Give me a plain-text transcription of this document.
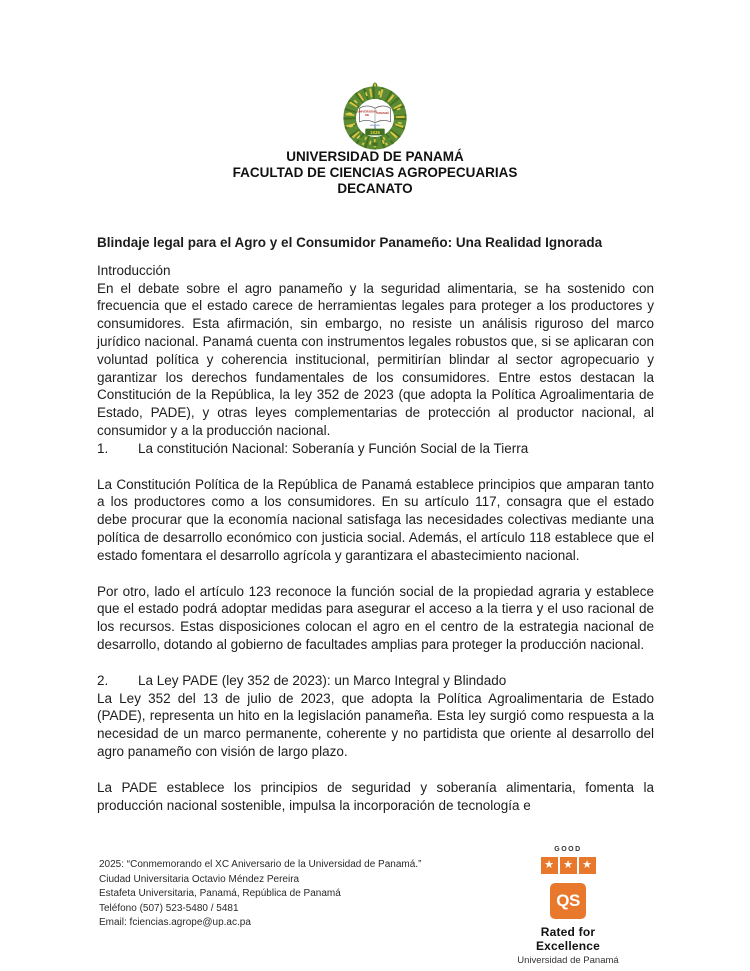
UNIVERSIDAD
DE PANAMÁ
1935
UNIVERSIDAD DE PANAMÁ
FACULTAD DE CIENCIAS AGROPECUARIAS
DECANATO

Blindaje legal para el Agro y el Consumidor Panameño: Una Realidad Ignorada

Introducción

En el debate sobre el agro panameño y la seguridad alimentaria, se ha sostenido con frecuencia que el estado carece de herramientas legales para proteger a los productores y consumidores. Esta afirmación, sin embargo, no resiste un análisis riguroso del marco jurídico nacional. Panamá cuenta con instrumentos legales robustos que, si se aplicaran con voluntad política y coherencia institucional, permitirían blindar al sector agropecuario y garantizar los derechos fundamentales de los consumidores. Entre estos destacan la Constitución de la República, la ley 352 de 2023 (que adopta la Política Agroalimentaria de Estado, PADE), y otras leyes complementarias de protección al productor nacional, al consumidor y a la producción nacional.

1.	La constitución Nacional: Soberanía y Función Social de la Tierra

La Constitución Política de la República de Panamá establece principios que amparan tanto a los productores como a los consumidores. En su artículo 117, consagra que el estado debe procurar que la economía nacional satisfaga las necesidades colectivas mediante una política de desarrollo económico con justicia social. Además, el artículo 118 establece que el estado fomentara el desarrollo agrícola y garantizara el abastecimiento nacional.

Por otro, lado el artículo 123 reconoce la función social de la propiedad agraria y establece que el estado podrá adoptar medidas para asegurar el acceso a la tierra y el uso racional de los recursos. Estas disposiciones colocan el agro en el centro de la estrategia nacional de desarrollo, dotando al gobierno de facultades amplias para proteger la producción nacional.

2.	La Ley PADE (ley 352 de 2023): un Marco Integral y Blindado

La Ley 352 del 13 de julio de 2023, que adopta la Política Agroalimentaria de Estado (PADE), representa un hito en la legislación panameña. Esta ley surgió como respuesta a la necesidad de un marco permanente, coherente y no partidista que oriente al desarrollo del agro panameño con visión de largo plazo.

La PADE establece los principios de seguridad y soberanía alimentaria, fomenta la producción nacional sostenible, impulsa la incorporación de tecnología e

2025: “Conmemorando el XC Aniversario de la Universidad de Panamá.”
Ciudad Universitaria Octavio Méndez Pereira
Estafeta Universitaria, Panamá, República de Panamá
Teléfono (507) 523-5480 / 5481
Email: fciencias.agrope@up.ac.pa
GOOD
★ ★ ★
QS
Rated for Excellence
Universidad de Panamá
